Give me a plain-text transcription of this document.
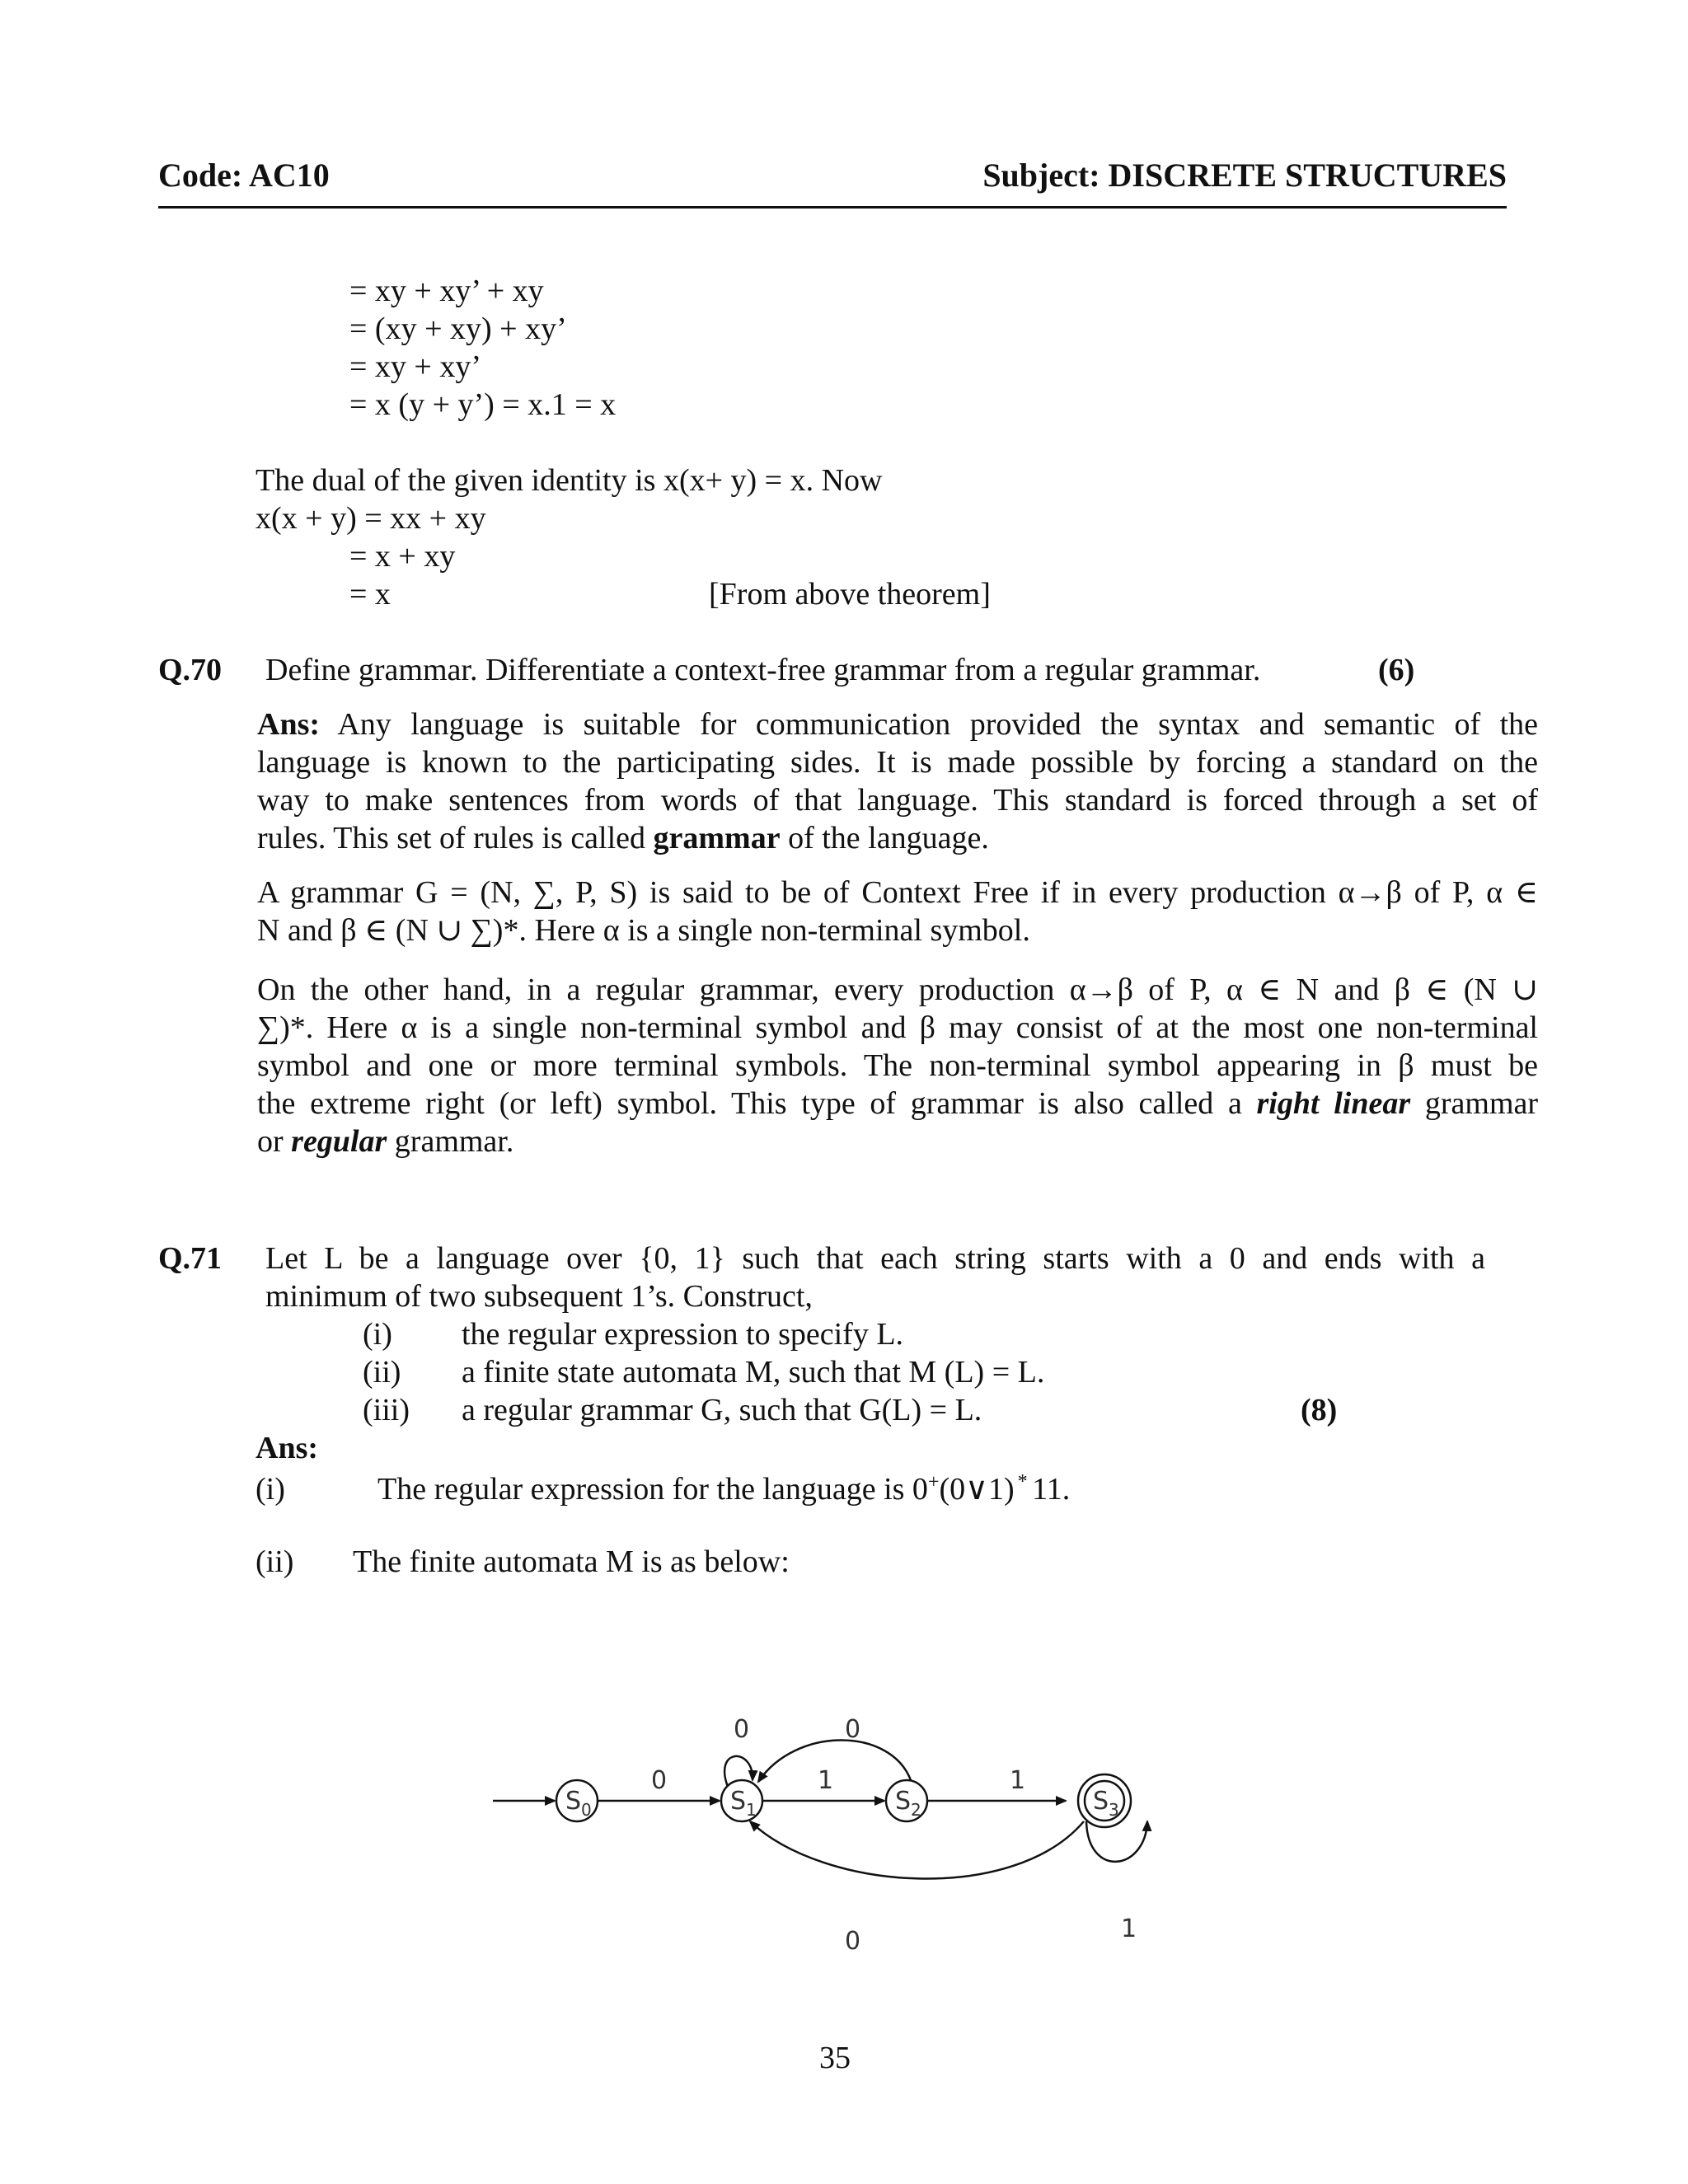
Code: AC10	Subject: DISCRETE STRUCTURES
= xy + xy’ + xy
= (xy + xy) + xy’
= xy + xy’
= x (y + y’) = x.1 = x
The dual of the given identity is x(x+ y) = x. Now
x(x + y) = xx + xy
= x + xy
= x	[From above theorem]
Q.70 Define grammar. Differentiate a context-free grammar from a regular grammar.	(6)
Ans: Any language is suitable for communication provided the syntax and semantic of the
language is known to the participating sides. It is made possible by forcing a standard on the
way to make sentences from words of that language. This standard is forced through a set of
rules. This set of rules is called grammar of the language.
A grammar G = (N, ∑, P, S) is said to be of Context Free if in every production α→β of P, α ∈
N and β ∈ (N ∪ ∑)*. Here α is a single non-terminal symbol.
On the other hand, in a regular grammar, every production α→β of P, α ∈ N and β ∈ (N ∪
∑)*. Here α is a single non-terminal symbol and β may consist of at the most one non-terminal
symbol and one or more terminal symbols. The non-terminal symbol appearing in β must be
the extreme right (or left) symbol. This type of grammar is also called a right linear grammar
or regular grammar.
Q.71 Let L be a language over {0, 1} such that each string starts with a 0 and ends with a
minimum of two subsequent 1’s. Construct,
(i) the regular expression to specify L.
(ii) a finite state automata M, such that M (L) = L.
(iii) a regular grammar G, such that G(L) = L.	(8)
Ans:
(i)	The regular expression for the language is 0+(0∨1) * 11.
(ii) The finite automata M is as below:
$S_0$	$S_1$	$S_2$	$S_3$
0
0
1
0
1
1
0
35
